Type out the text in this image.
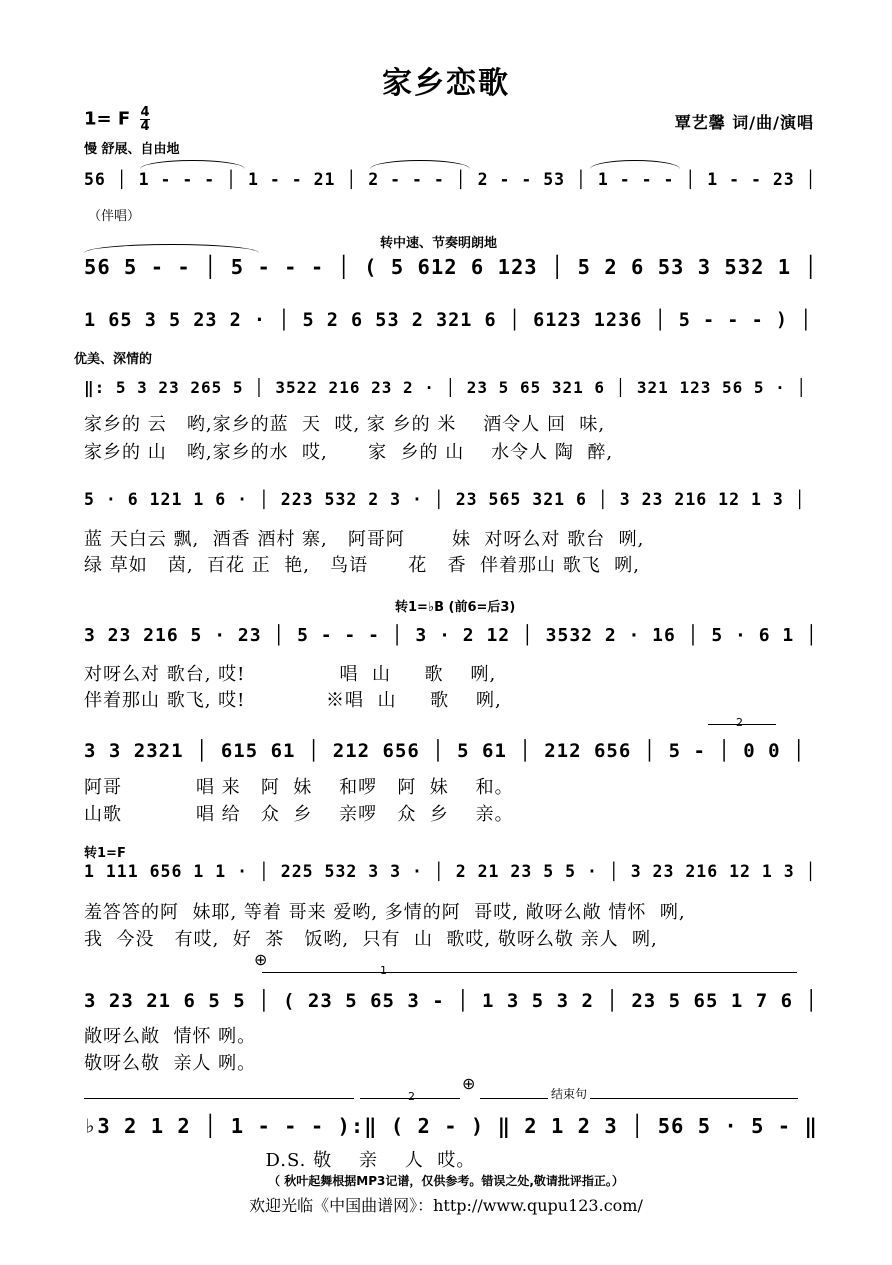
家乡恋歌
1= F $\frac{4}{4}$	覃艺馨 词/曲/演唱
慢 舒展、自由地
56 │ 1 - - - │ 1 - - 21 │ 2 - - - │ 2 - - 53 │ 1 - - - │ 1 - - 23 │
（伴唱）
转中速、节奏明朗地
56 5 - - │ 5 - - - │ ( 5 612 6 123 │ 5 2 6 53 3 532 1 │
1 65 3 5 23 2 · │ 5 2 6 53 2 321 6 │ 6123 1236 │ 5 - - - ) │
优美、深情的
‖: 5 3 23 265 5 │ 3522 216 23 2 · │ 23 5 65 321 6 │ 321 123 56 5 · │
家乡的 云   哟,家乡的蓝  天  哎, 家 乡的 米    酒令人 回  味,
家乡的 山   哟,家乡的水  哎,      家  乡的 山    水令人 陶  醉,
5 · 6 121 1 6 · │ 223 532 2 3 · │ 23 565 321 6 │ 3 23 216 12 1 3 │
蓝 天白云 飘,  酒香 酒村 寨,   阿哥阿       妹  对呀么对 歌台  咧,
绿 草如   茵,  百花 正  艳,   鸟语      花   香  伴着那山 歌飞  咧,
转1=♭B (前6=后3)
3 23 216 5 · 23 │ 5 - - - │ 3 · 2 12 │ 3532 2 · 16 │ 5 · 6 1 │
对呀么对 歌台, 哎!              唱  山     歌    咧,
伴着那山 歌飞, 哎!            ※唱  山     歌    咧,
2
3 3 2321 │ 615 61 │ 212 656 │ 5 61 │ 212 656 │ 5 - │ 0 0 │
阿哥           唱 来   阿  妹    和啰   阿  妹    和。
山歌           唱 给   众  乡    亲啰   众  乡    亲。
转1=F
1 111 656 1 1 · │ 225 532 3 3 · │ 2 21 23 5 5 · │ 3 23 216 12 1 3 │
羞答答的阿  妹耶, 等着 哥来 爱哟, 多情的阿  哥哎, 敞呀么敞 情怀  咧,
我  今没   有哎,  好  茶   饭哟,  只有  山  歌哎, 敬呀么敬 亲人  咧,
⊕
1
3 23 21 6 5 5 │ ( 23 5 65 3 - │ 1 3 5 3 2 │ 23 5 65 1 7 6 │
敞呀么敞  情怀 咧。
敬呀么敬  亲人 咧。
2
⊕
结束句
♭3 2 1 2 │ 1 - - - ):‖ ( 2 - ) ‖ 2 1 2 3 │ 56 5 · 5 - ‖
D.S. 敬    亲    人  哎。
（ 秋叶起舞根据MP3记谱，仅供参考。错误之处,敬请批评指正。）
欢迎光临《中国曲谱网》：http://www.qupu123.com/
